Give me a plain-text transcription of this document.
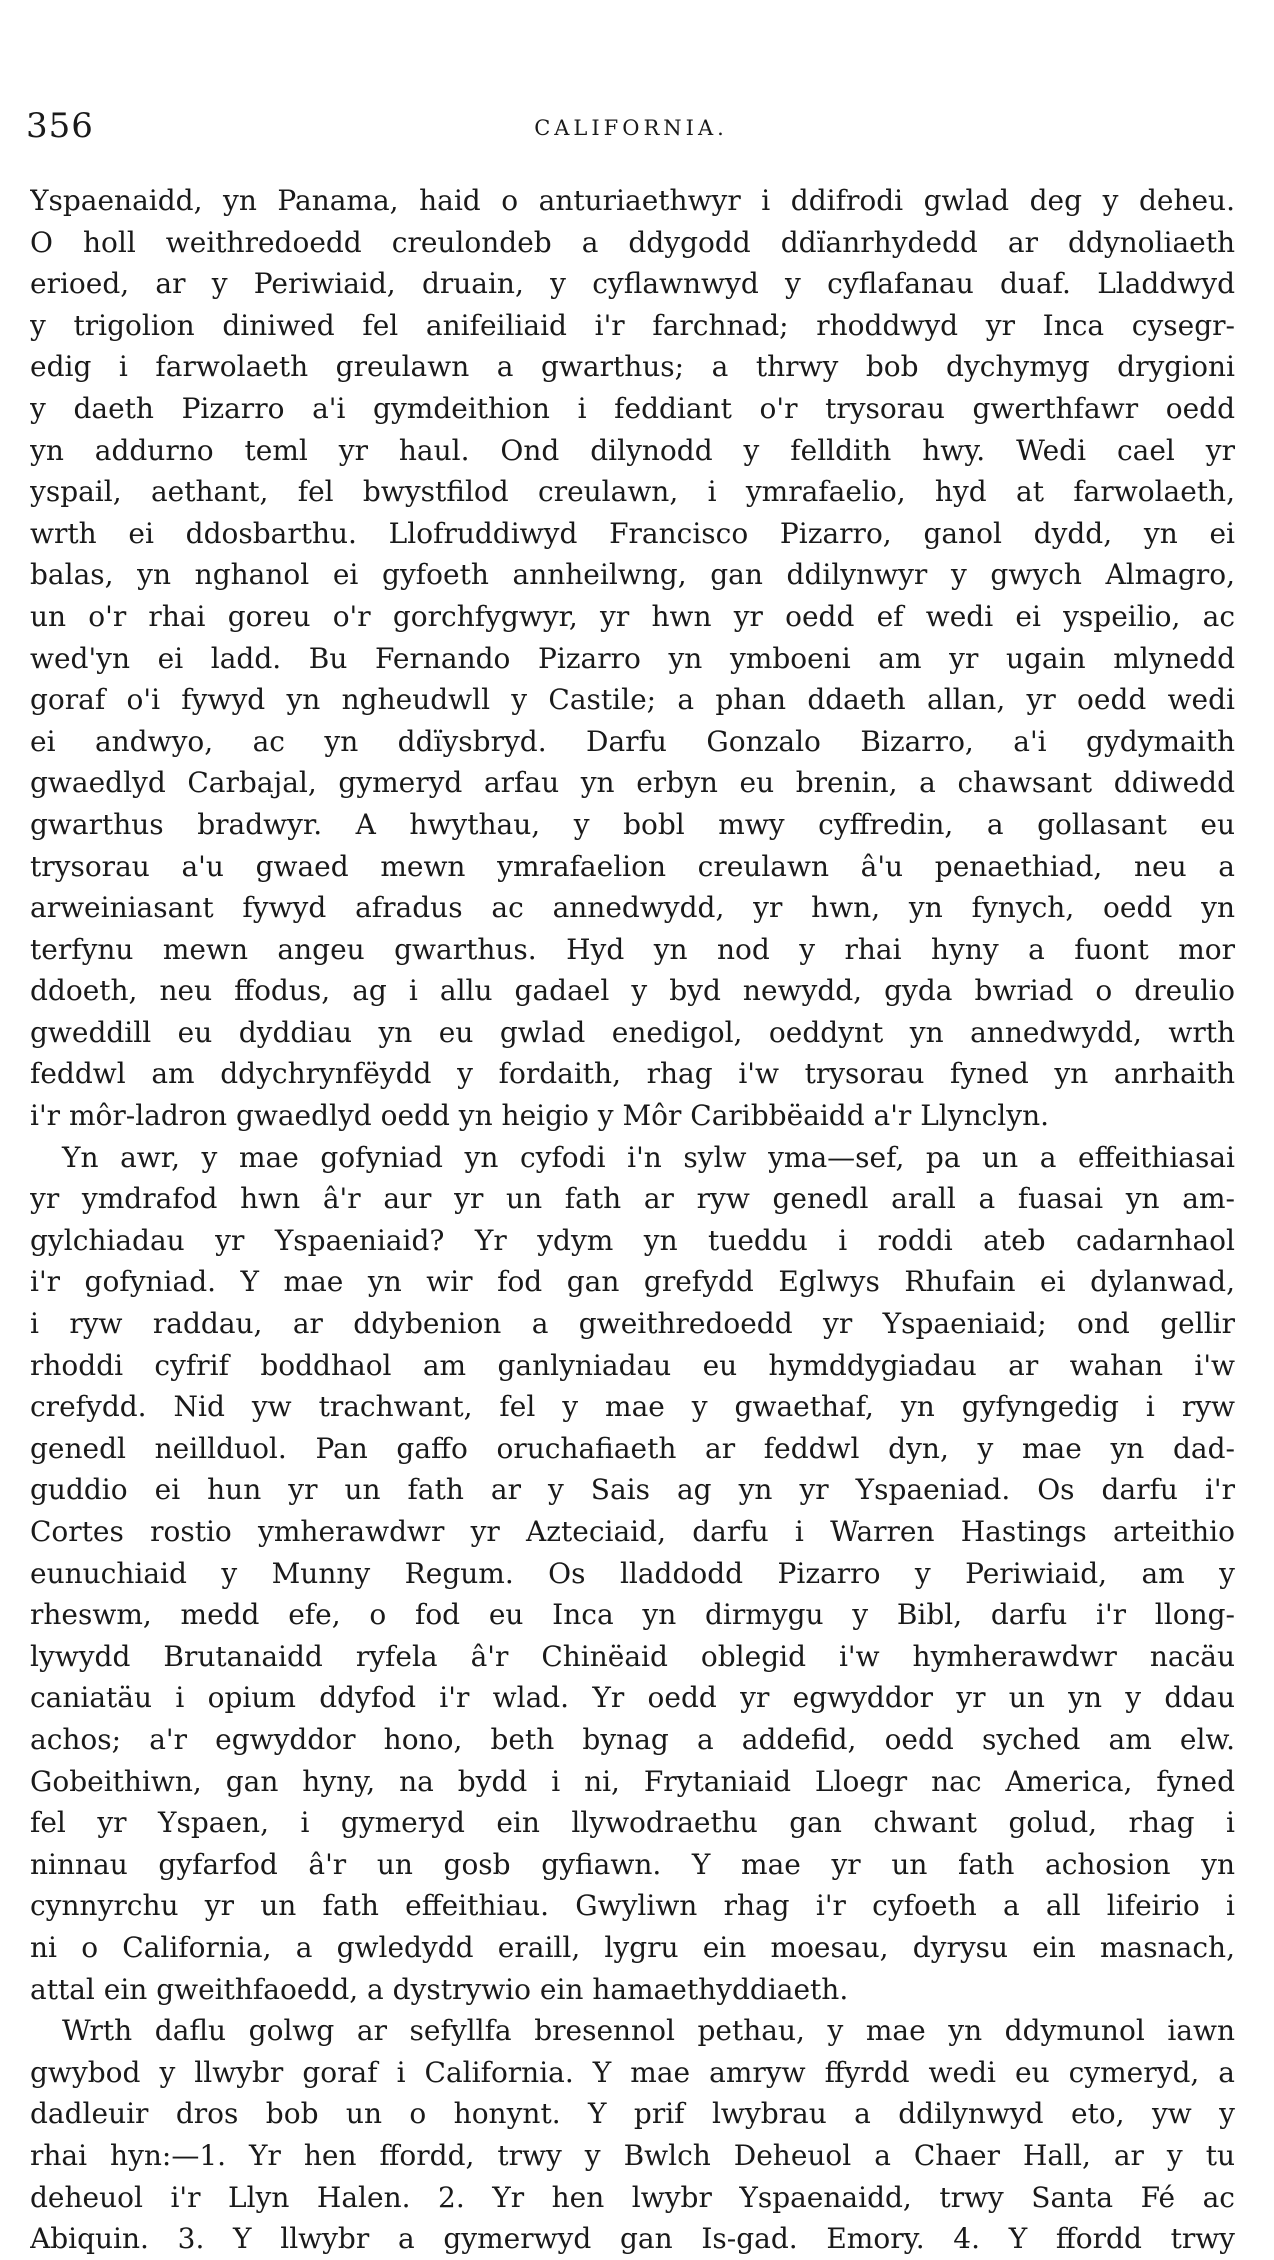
356	CALIFORNIA.
Yspaenaidd, yn Panama, haid o anturiaethwyr i ddifrodi gwlad deg y deheu.
O holl weithredoedd creulondeb a ddygodd ddïanrhydedd ar ddynoliaeth
erioed, ar y Periwiaid, druain, y cyflawnwyd y cyflafanau duaf. Lladdwyd
y trigolion diniwed fel anifeiliaid i'r farchnad; rhoddwyd yr Inca cysegr-
edig i farwolaeth greulawn a gwarthus; a thrwy bob dychymyg drygioni
y daeth Pizarro a'i gymdeithion i feddiant o'r trysorau gwerthfawr oedd
yn addurno teml yr haul. Ond dilynodd y felldith hwy. Wedi cael yr
yspail, aethant, fel bwystfilod creulawn, i ymrafaelio, hyd at farwolaeth,
wrth ei ddosbarthu. Llofruddiwyd Francisco Pizarro, ganol dydd, yn ei
balas, yn nghanol ei gyfoeth annheilwng, gan ddilynwyr y gwych Almagro,
un o'r rhai goreu o'r gorchfygwyr, yr hwn yr oedd ef wedi ei yspeilio, ac
wed'yn ei ladd. Bu Fernando Pizarro yn ymboeni am yr ugain mlynedd
goraf o'i fywyd yn ngheudwll y Castile; a phan ddaeth allan, yr oedd wedi
ei andwyo, ac yn ddïysbryd. Darfu Gonzalo Bizarro, a'i gydymaith
gwaedlyd Carbajal, gymeryd arfau yn erbyn eu brenin, a chawsant ddiwedd
gwarthus bradwyr. A hwythau, y bobl mwy cyffredin, a gollasant eu
trysorau a'u gwaed mewn ymrafaelion creulawn â'u penaethiad, neu a
arweiniasant fywyd afradus ac annedwydd, yr hwn, yn fynych, oedd yn
terfynu mewn angeu gwarthus. Hyd yn nod y rhai hyny a fuont mor
ddoeth, neu ffodus, ag i allu gadael y byd newydd, gyda bwriad o dreulio
gweddill eu dyddiau yn eu gwlad enedigol, oeddynt yn annedwydd, wrth
feddwl am ddychrynfëydd y fordaith, rhag i'w trysorau fyned yn anrhaith
i'r môr-ladron gwaedlyd oedd yn heigio y Môr Caribbëaidd a'r Llynclyn.
Yn awr, y mae gofyniad yn cyfodi i'n sylw yma—sef, pa un a effeithiasai
yr ymdrafod hwn â'r aur yr un fath ar ryw genedl arall a fuasai yn am-
gylchiadau yr Yspaeniaid? Yr ydym yn tueddu i roddi ateb cadarnhaol
i'r gofyniad. Y mae yn wir fod gan grefydd Eglwys Rhufain ei dylanwad,
i ryw raddau, ar ddybenion a gweithredoedd yr Yspaeniaid; ond gellir
rhoddi cyfrif boddhaol am ganlyniadau eu hymddygiadau ar wahan i'w
crefydd. Nid yw trachwant, fel y mae y gwaethaf, yn gyfyngedig i ryw
genedl neillduol. Pan gaffo oruchafiaeth ar feddwl dyn, y mae yn dad-
guddio ei hun yr un fath ar y Sais ag yn yr Yspaeniad. Os darfu i'r
Cortes rostio ymherawdwr yr Azteciaid, darfu i Warren Hastings arteithio
eunuchiaid y Munny Regum. Os lladdodd Pizarro y Periwiaid, am y
rheswm, medd efe, o fod eu Inca yn dirmygu y Bibl, darfu i'r llong-
lywydd Brutanaidd ryfela â'r Chinëaid oblegid i'w hymherawdwr nacäu
caniatäu i opium ddyfod i'r wlad. Yr oedd yr egwyddor yr un yn y ddau
achos; a'r egwyddor hono, beth bynag a addefid, oedd syched am elw.
Gobeithiwn, gan hyny, na bydd i ni, Frytaniaid Lloegr nac America, fyned
fel yr Yspaen, i gymeryd ein llywodraethu gan chwant golud, rhag i
ninnau gyfarfod â'r un gosb gyfiawn. Y mae yr un fath achosion yn
cynnyrchu yr un fath effeithiau. Gwyliwn rhag i'r cyfoeth a all lifeirio i
ni o California, a gwledydd eraill, lygru ein moesau, dyrysu ein masnach,
attal ein gweithfaoedd, a dystrywio ein hamaethyddiaeth.
Wrth daflu golwg ar sefyllfa bresennol pethau, y mae yn ddymunol iawn
gwybod y llwybr goraf i California. Y mae amryw ffyrdd wedi eu cymeryd, a
dadleuir dros bob un o honynt. Y prif lwybrau a ddilynwyd eto, yw y
rhai hyn:—1. Yr hen ffordd, trwy y Bwlch Deheuol a Chaer Hall, ar y tu
deheuol i'r Llyn Halen. 2. Yr hen lwybr Yspaenaidd, trwy Santa Fé ac
Abiquin. 3. Y llwybr a gymerwyd gan Is-gad. Emory. 4. Y ffordd trwy
